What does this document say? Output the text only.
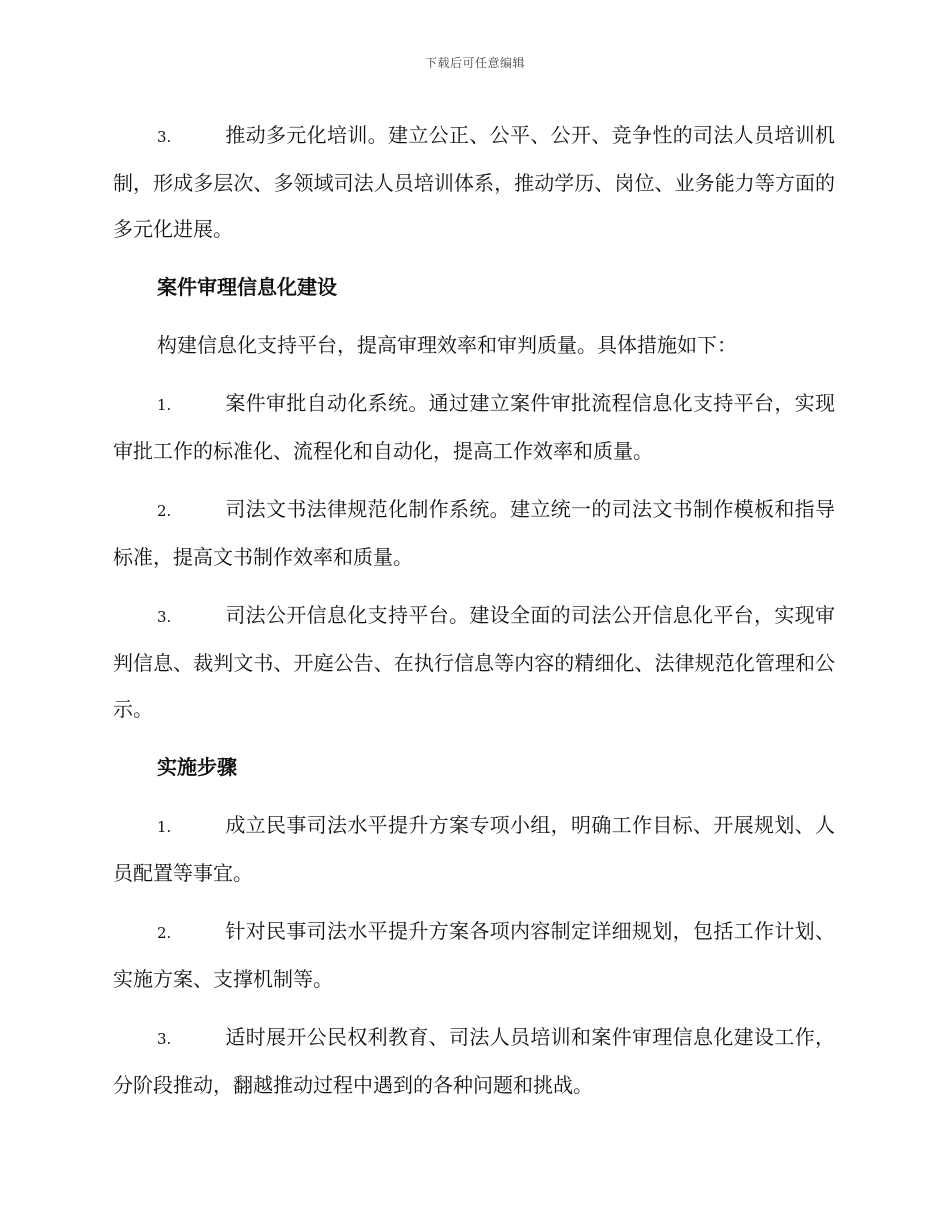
下载后可任意编辑
3.	推动多元化培训。建立公正、公平、公开、竞争性的司法人员培训机制，形成多层次、多领域司法人员培训体系，推动学历、岗位、业务能力等方面的多元化进展。
案件审理信息化建设
构建信息化支持平台，提高审理效率和审判质量。具体措施如下：
1.	案件审批自动化系统。通过建立案件审批流程信息化支持平台，实现审批工作的标准化、流程化和自动化，提高工作效率和质量。
2.	司法文书法律规范化制作系统。建立统一的司法文书制作模板和指导标准，提高文书制作效率和质量。
3.	司法公开信息化支持平台。建设全面的司法公开信息化平台，实现审判信息、裁判文书、开庭公告、在执行信息等内容的精细化、法律规范化管理和公示。
实施步骤
1.	成立民事司法水平提升方案专项小组，明确工作目标、开展规划、人员配置等事宜。
2.	针对民事司法水平提升方案各项内容制定详细规划，包括工作计划、实施方案、支撑机制等。
3.	适时展开公民权利教育、司法人员培训和案件审理信息化建设工作，分阶段推动，翻越推动过程中遇到的各种问题和挑战。
